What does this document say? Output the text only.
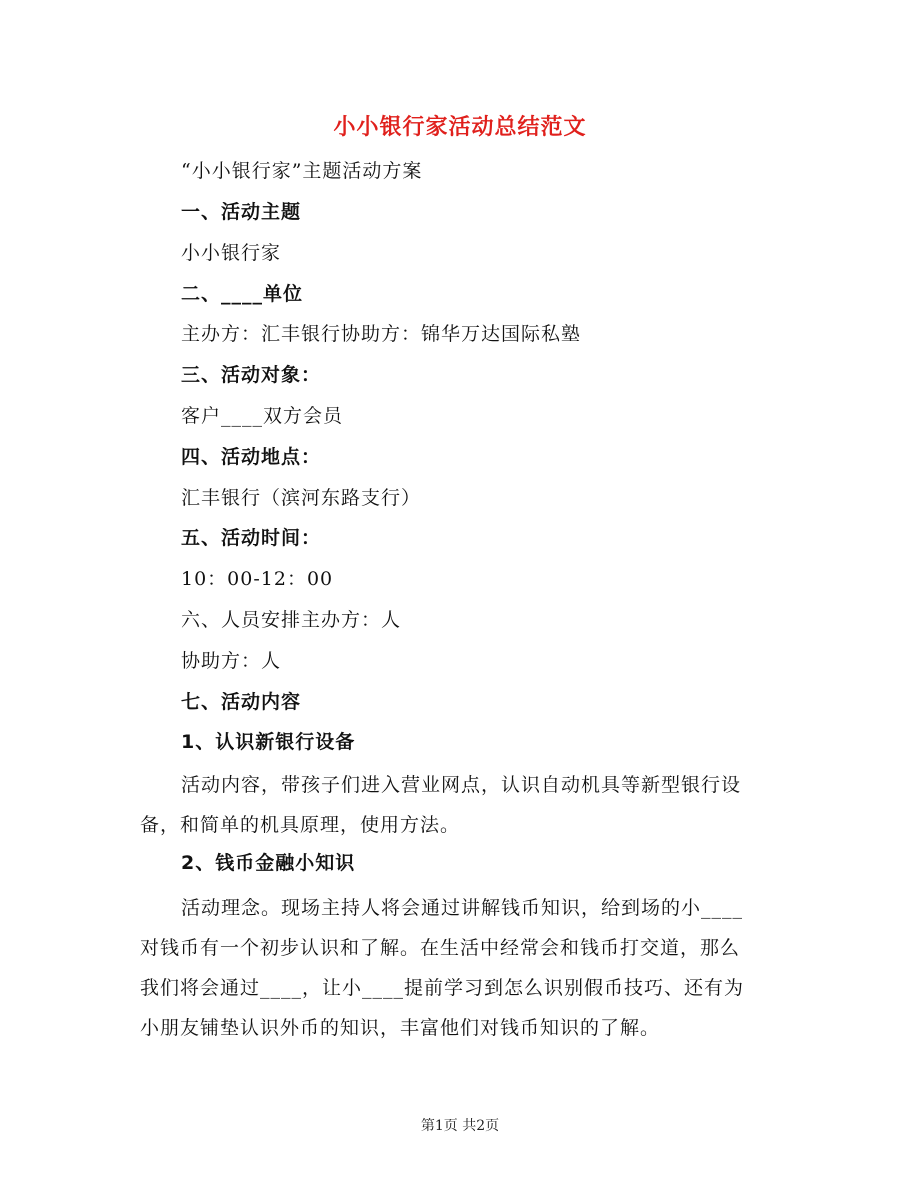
小小银行家活动总结范文
“小小银行家”主题活动方案
一、活动主题
小小银行家
二、____单位
主办方：汇丰银行协助方：锦华万达国际私塾
三、活动对象：
客户____双方会员
四、活动地点：
汇丰银行（滨河东路支行）
五、活动时间：
10：00-12：00
六、人员安排主办方：人
协助方：人
七、活动内容
1、认识新银行设备
活动内容，带孩子们进入营业网点，认识自动机具等新型银行设
备，和简单的机具原理，使用方法。
2、钱币金融小知识
活动理念。现场主持人将会通过讲解钱币知识，给到场的小____
对钱币有一个初步认识和了解。在生活中经常会和钱币打交道，那么
我们将会通过____，让小____提前学习到怎么识别假币技巧、还有为
小朋友铺垫认识外币的知识，丰富他们对钱币知识的了解。
第1页 共2页
